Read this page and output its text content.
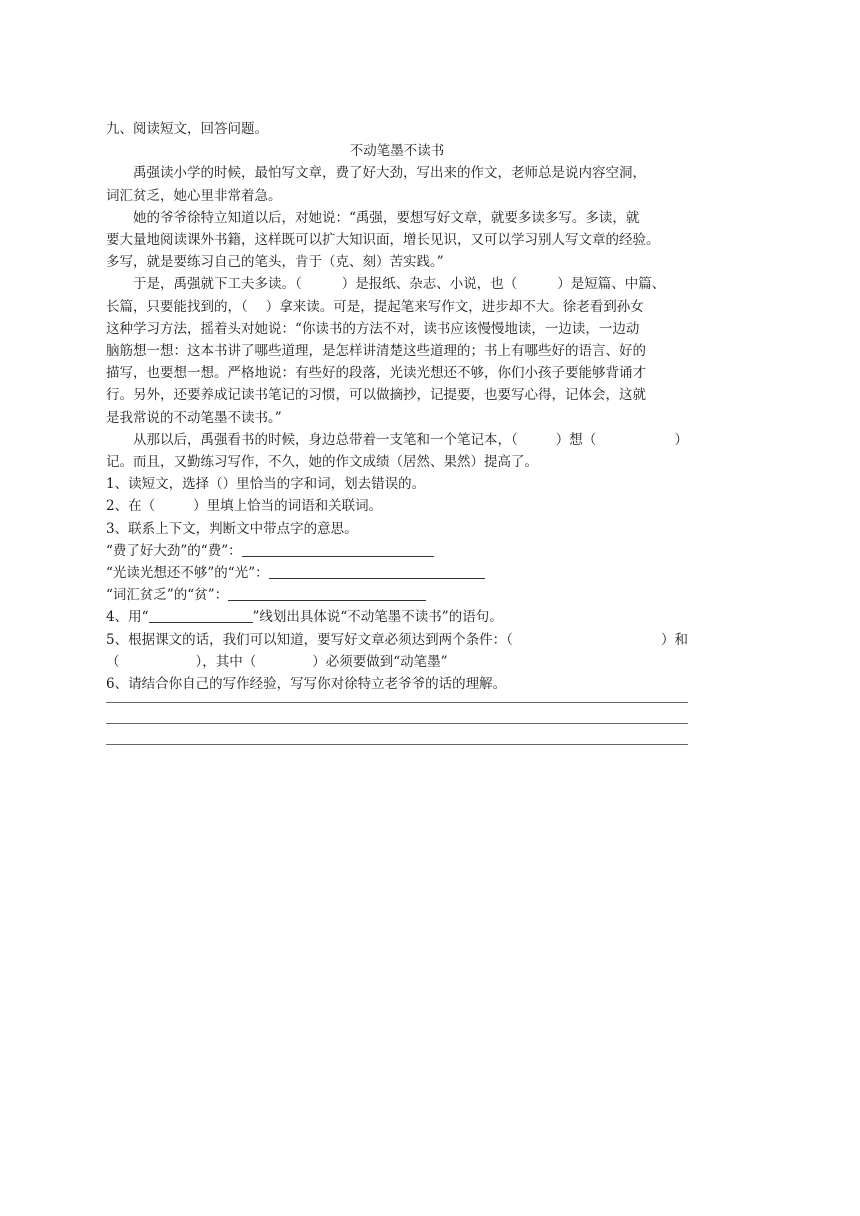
九、阅读短文，回答问题。
不动笔墨不读书
禹强读小学的时候，最怕写文章，费了好大劲，写出来的作文，老师总是说内容空洞，
词汇贫乏，她心里非常着急。
她的爷爷徐特立知道以后，对她说：“禹强，要想写好文章，就要多读多写。多读，就
要大量地阅读课外书籍，这样既可以扩大知识面，增长见识，又可以学习别人写文章的经验。
多写，就是要练习自己的笔头，肯于（克、刻）苦实践。”
于是，禹强就下工夫多读。（	）是报纸、杂志、小说，也（	）是短篇、中篇、
长篇，只要能找到的，（ ）拿来读。可是，提起笔来写作文，进步却不大。徐老看到孙女
这种学习方法，摇着头对她说：“你读书的方法不对，读书应该慢慢地读，一边读，一边动
脑筋想一想：这本书讲了哪些道理，是怎样讲清楚这些道理的；书上有哪些好的语言、好的
描写，也要想一想。严格地说：有些好的段落，光读光想还不够，你们小孩子要能够背诵才
行。另外，还要养成记读书笔记的习惯，可以做摘抄，记提要，也要写心得，记体会，这就
是我常说的不动笔墨不读书。”
从那以后，禹强看书的时候，身边总带着一支笔和一个笔记本，（	）想（	）
记。而且，又勤练习写作，不久，她的作文成绩（居然、果然）提高了。
1、读短文，选择（）里恰当的字和词，划去错误的。
2、在（	）里填上恰当的词语和关联词。
3、联系上下文，判断文中带点字的意思。
“费了好大劲”的“费”：
“光读光想还不够”的“光”：
“词汇贫乏”的“贫”：
4、用“	”线划出具体说“不动笔墨不读书”的语句。
5、根据课文的话，我们可以知道，要写好文章必须达到两个条件：（	）和
（	），其中（	）必须要做到“动笔墨”
6、请结合你自己的写作经验，写写你对徐特立老爷爷的话的理解。
